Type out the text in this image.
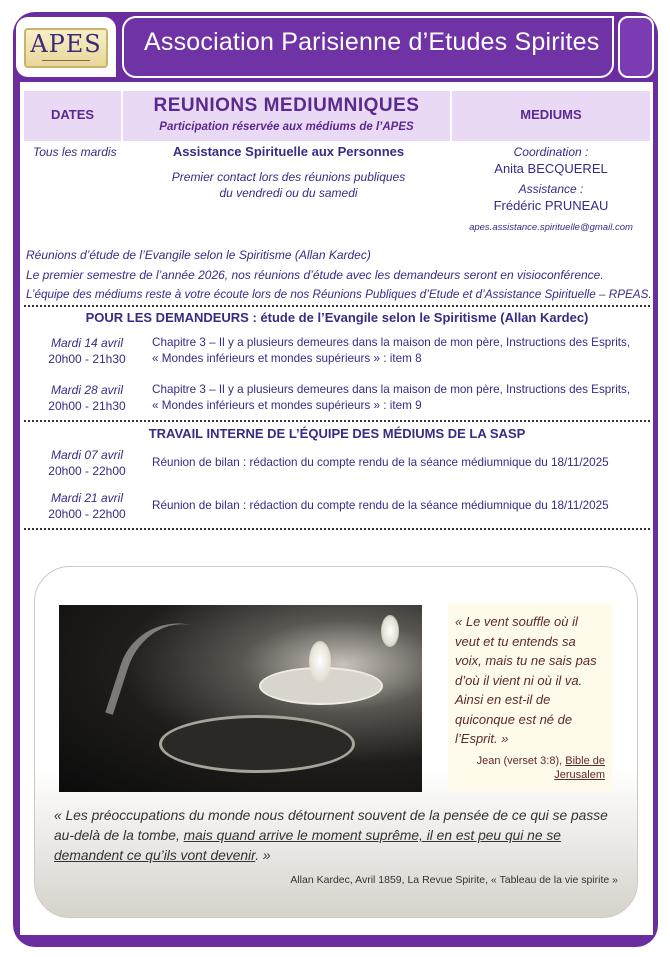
APES Association Parisienne d’Etudes Spirites
DATES	REUNIONS MEDIUMNIQUES
Participation réservée aux médiums de l’APES
MEDIUMS
Tous les mardis	Assistance Spirituelle aux Personnes
Premier contact lors des réunions publiques
du vendredi ou du samedi
Coordination :
Anita BECQUEREL
Assistance :
Frédéric PRUNEAU
apes.assistance.spirituelle@gmail.com
Réunions d’étude de l’Evangile selon le Spiritisme (Allan Kardec)
Le premier semestre de l’année 2026, nos réunions d’étude avec les demandeurs seront en visioconférence.
L’équipe des médiums reste à votre écoute lors de nos Réunions Publiques d’Etude et d’Assistance Spirituelle – RPEAS.
POUR LES DEMANDEURS : étude de l’Evangile selon le Spiritisme (Allan Kardec)
Mardi 14 avril
20h00 - 21h30
Chapitre 3 – Il y a plusieurs demeures dans la maison de mon père, Instructions des Esprits,
« Mondes inférieurs et mondes supérieurs » : item 8
Mardi 28 avril
20h00 - 21h30
Chapitre 3 – Il y a plusieurs demeures dans la maison de mon père, Instructions des Esprits,
« Mondes inférieurs et mondes supérieurs » : item 9
TRAVAIL INTERNE DE L’ÉQUIPE DES MÉDIUMS DE LA SASP
Mardi 07 avril
20h00 - 22h00
Réunion de bilan : rédaction du compte rendu de la séance médiumnique du 18/11/2025
Mardi 21 avril
20h00 - 22h00
Réunion de bilan : rédaction du compte rendu de la séance médiumnique du 18/11/2025
« Le vent souffle où il
veut et tu entends sa
voix, mais tu ne sais pas
d’où il vient ni où il va.
Ainsi en est-il de
quiconque est né de
l’Esprit. »
Jean (verset 3:8), Bible de
Jerusalem
« Les préoccupations du monde nous détournent souvent de la pensée de ce qui se passe
au-delà de la tombe, mais quand arrive le moment suprême, il en est peu qui ne se
demandent ce qu’ils vont devenir. »
Allan Kardec, Avril 1859, La Revue Spirite, « Tableau de la vie spirite »
